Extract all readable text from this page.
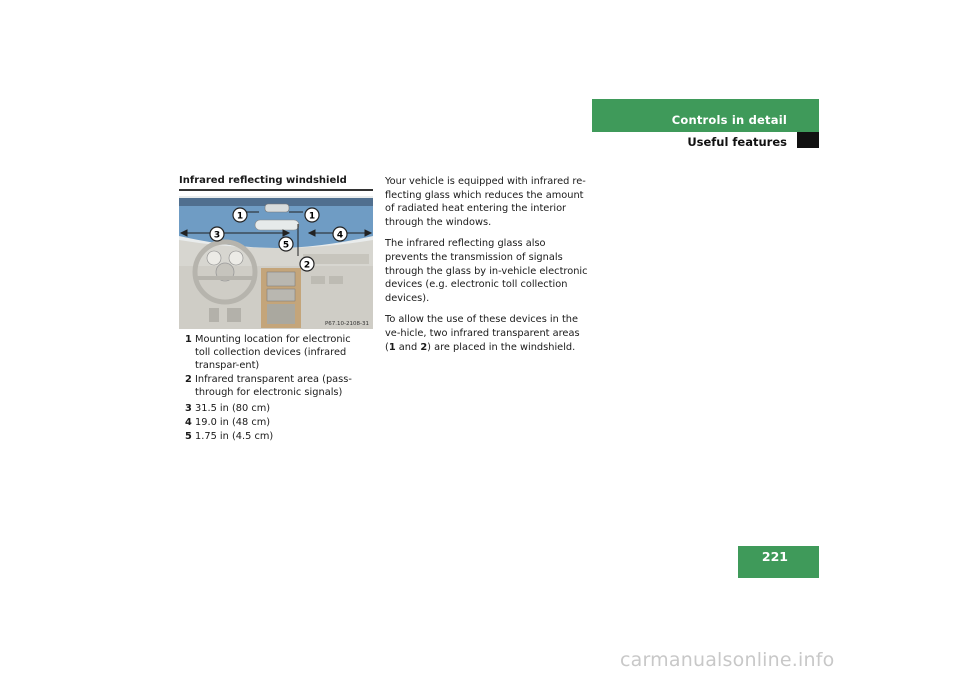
Controls in detail
Useful features
221
Infrared reflecting windshield
1	1
3	4
5
2
P67.10-2108-31
1 Mounting location for electronic toll collection devices (infrared transpar-ent)
2 Infrared transparent area (pass-through for electronic signals)
3 31.5 in (80 cm)
4 19.0 in (48 cm)
5 1.75 in (4.5 cm)

Your vehicle is equipped with infrared re-flecting glass which reduces the amount of radiated heat entering the interior through the windows.

The infrared reflecting glass also prevents the transmission of signals through the glass by in-vehicle electronic devices (e.g. electronic toll collection devices).

To allow the use of these devices in the ve-hicle, two infrared transparent areas (1 and 2) are placed in the windshield.

carmanualsonline.info
